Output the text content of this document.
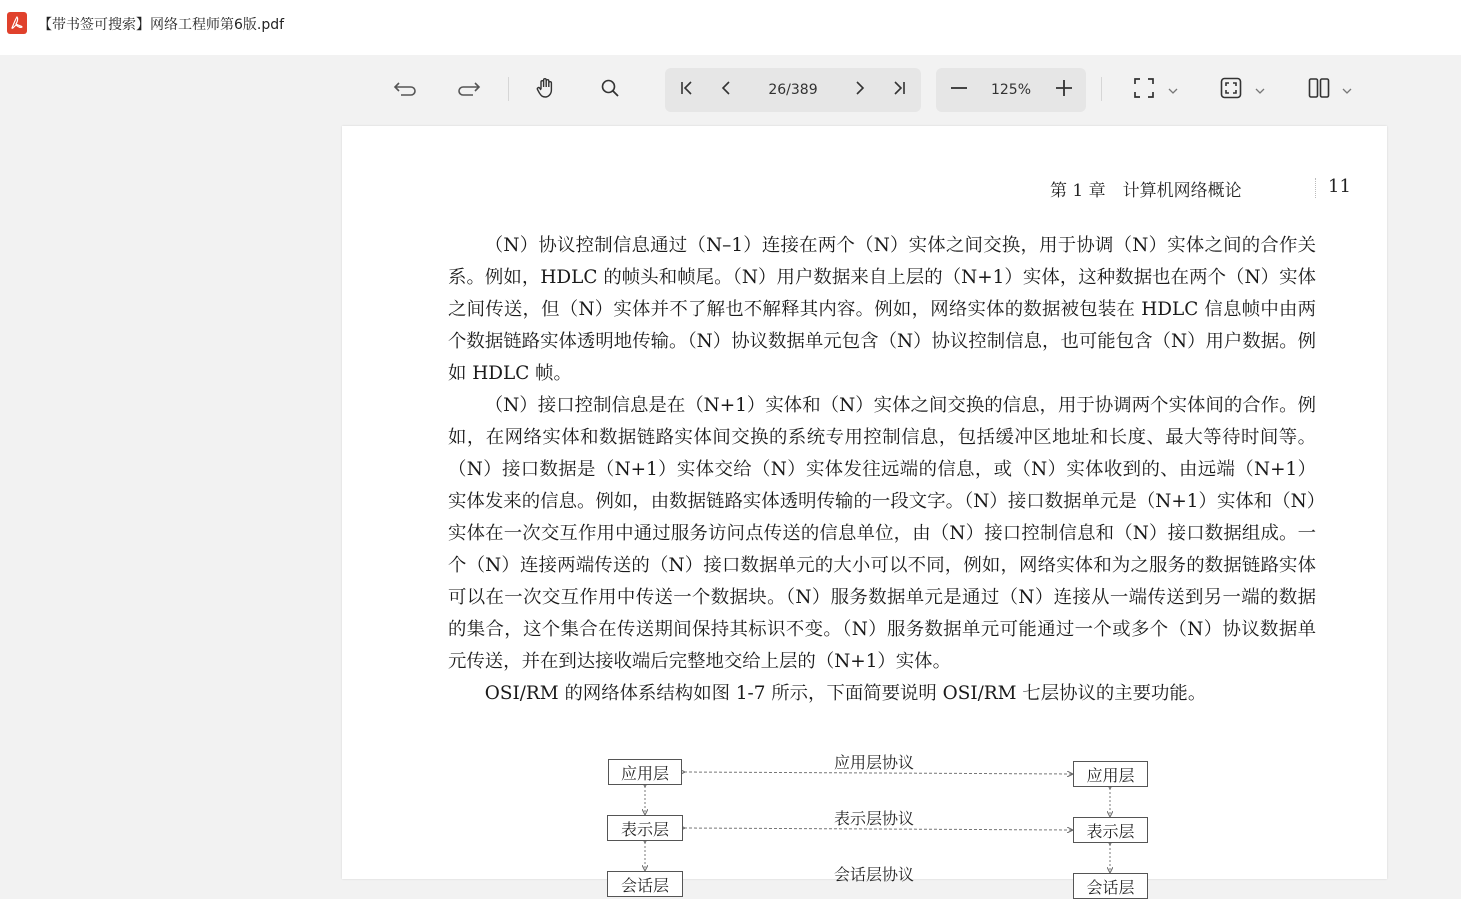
【带书签可搜索】网络工程师第6版.pdf
26/389	125%
第 1 章　计算机网络概论	11

（N）协议控制信息通过（N–1）连接在两个（N）实体之间交换，用于协调（N）实体之间的合作关系。例如，HDLC 的帧头和帧尾。（N）用户数据来自上层的（N+1）实体，这种数据也在两个（N）实体之间传送，但（N）实体并不了解也不解释其内容。例如，网络实体的数据被包装在 HDLC 信息帧中由两个数据链路实体透明地传输。（N）协议数据单元包含（N）协议控制信息，也可能包含（N）用户数据。例如 HDLC 帧。

（N）接口控制信息是在（N+1）实体和（N）实体之间交换的信息，用于协调两个实体间的合作。例如，在网络实体和数据链路实体间交换的系统专用控制信息，包括缓冲区地址和长度、最大等待时间等。（N）接口数据是（N+1）实体交给（N）实体发往远端的信息，或（N）实体收到的、由远端（N+1）实体发来的信息。例如，由数据链路实体透明传输的一段文字。（N）接口数据单元是（N+1）实体和（N）实体在一次交互作用中通过服务访问点传送的信息单位，由（N）接口控制信息和（N）接口数据组成。一个（N）连接两端传送的（N）接口数据单元的大小可以不同，例如，网络实体和为之服务的数据链路实体可以在一次交互作用中传送一个数据块。（N）服务数据单元是通过（N）连接从一端传送到另一端的数据的集合，这个集合在传送期间保持其标识不变。（N）服务数据单元可能通过一个或多个（N）协议数据单元传送，并在到达接收端后完整地交给上层的（N+1）实体。

OSI/RM 的网络体系结构如图 1-7 所示，下面简要说明 OSI/RM 七层协议的主要功能。

应用层
表示层
会话层
应用层
表示层
会话层
应用层协议
表示层协议
会话层协议
